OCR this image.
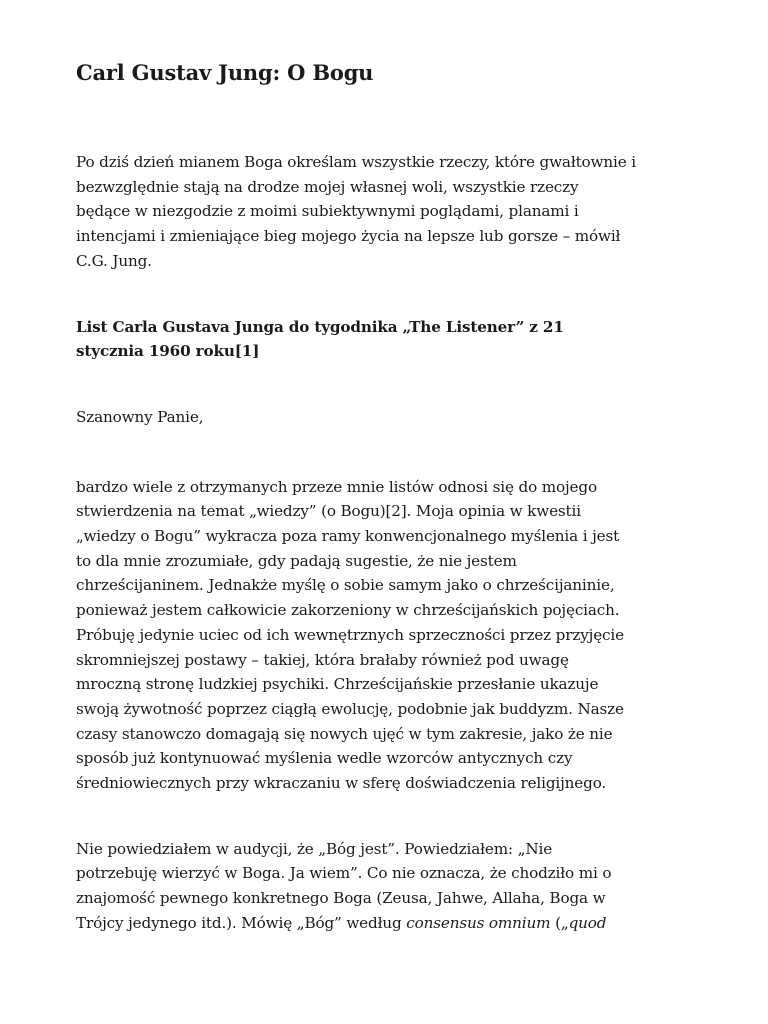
Carl Gustav Jung: O Bogu

Po dziś dzień mianem Boga określam wszystkie rzeczy, które gwałtownie i bezwzględnie stają na drodze mojej własnej woli, wszystkie rzeczy będące w niezgodzie z moimi subiektywnymi poglądami, planami i intencjami i zmieniające bieg mojego życia na lepsze lub gorsze – mówił C.G. Jung.

List Carla Gustava Junga do tygodnika „The Listener” z 21 stycznia 1960 roku[1]

Szanowny Panie,

bardzo wiele z otrzymanych przeze mnie listów odnosi się do mojego stwierdzenia na temat „wiedzy” (o Bogu)[2]. Moja opinia w kwestii „wiedzy o Bogu” wykracza poza ramy konwencjonalnego myślenia i jest to dla mnie zrozumiałe, gdy padają sugestie, że nie jestem chrześcijaninem. Jednakże myślę o sobie samym jako o chrześcijaninie, ponieważ jestem całkowicie zakorzeniony w chrześcijańskich pojęciach. Próbuję jedynie uciec od ich wewnętrznych sprzeczności przez przyjęcie skromniejszej postawy – takiej, która brałaby również pod uwagę mroczną stronę ludzkiej psychiki. Chrześcijańskie przesłanie ukazuje swoją żywotność poprzez ciągłą ewolucję, podobnie jak buddyzm. Nasze czasy stanowczo domagają się nowych ujęć w tym zakresie, jako że nie sposób już kontynuować myślenia wedle wzorców antycznych czy średniowiecznych przy wkraczaniu w sferę doświadczenia religijnego.

Nie powiedziałem w audycji, że „Bóg jest”. Powiedziałem: „Nie potrzebuję wierzyć w Boga. Ja wiem”. Co nie oznacza, że chodziło mi o znajomość pewnego konkretnego Boga (Zeusa, Jahwe, Allaha, Boga w Trójcy jedynego itd.). Mówię „Bóg” według consensus omnium („quod
